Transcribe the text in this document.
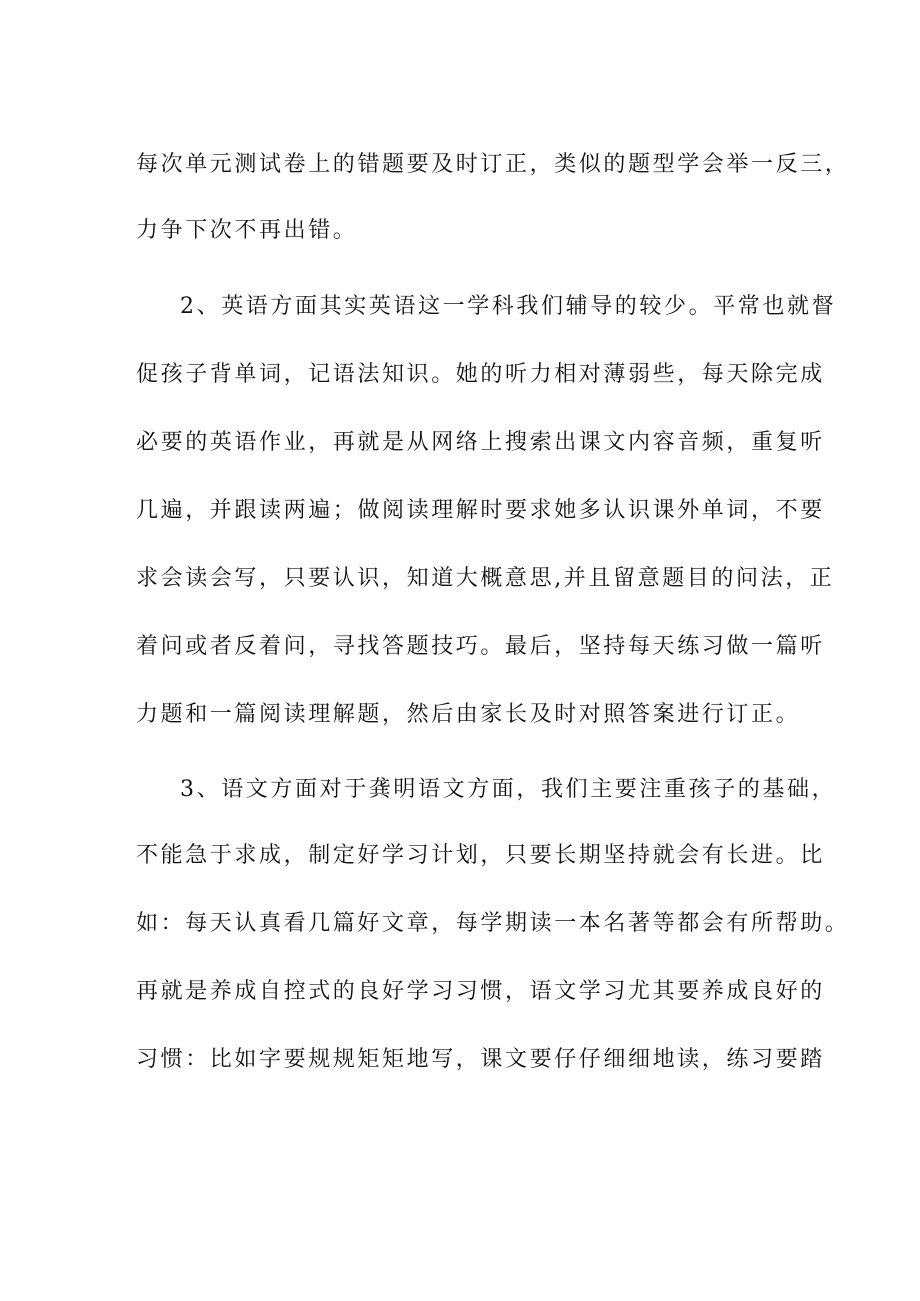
每次单元测试卷上的错题要及时订正，类似的题型学会举一反三，
力争下次不再出错。
2、英语方面其实英语这一学科我们辅导的较少。平常也就督
促孩子背单词，记语法知识。她的听力相对薄弱些，每天除完成
必要的英语作业，再就是从网络上搜索出课文内容音频，重复听
几遍，并跟读两遍；做阅读理解时要求她多认识课外单词，不要
求会读会写，只要认识，知道大概意思,并且留意题目的问法，正
着问或者反着问，寻找答题技巧。最后，坚持每天练习做一篇听
力题和一篇阅读理解题，然后由家长及时对照答案进行订正。
3、语文方面对于龚明语文方面，我们主要注重孩子的基础，
不能急于求成，制定好学习计划，只要长期坚持就会有长进。比
如：每天认真看几篇好文章，每学期读一本名著等都会有所帮助。
再就是养成自控式的良好学习习惯，语文学习尤其要养成良好的
习惯：比如字要规规矩矩地写，课文要仔仔细细地读，练习要踏
